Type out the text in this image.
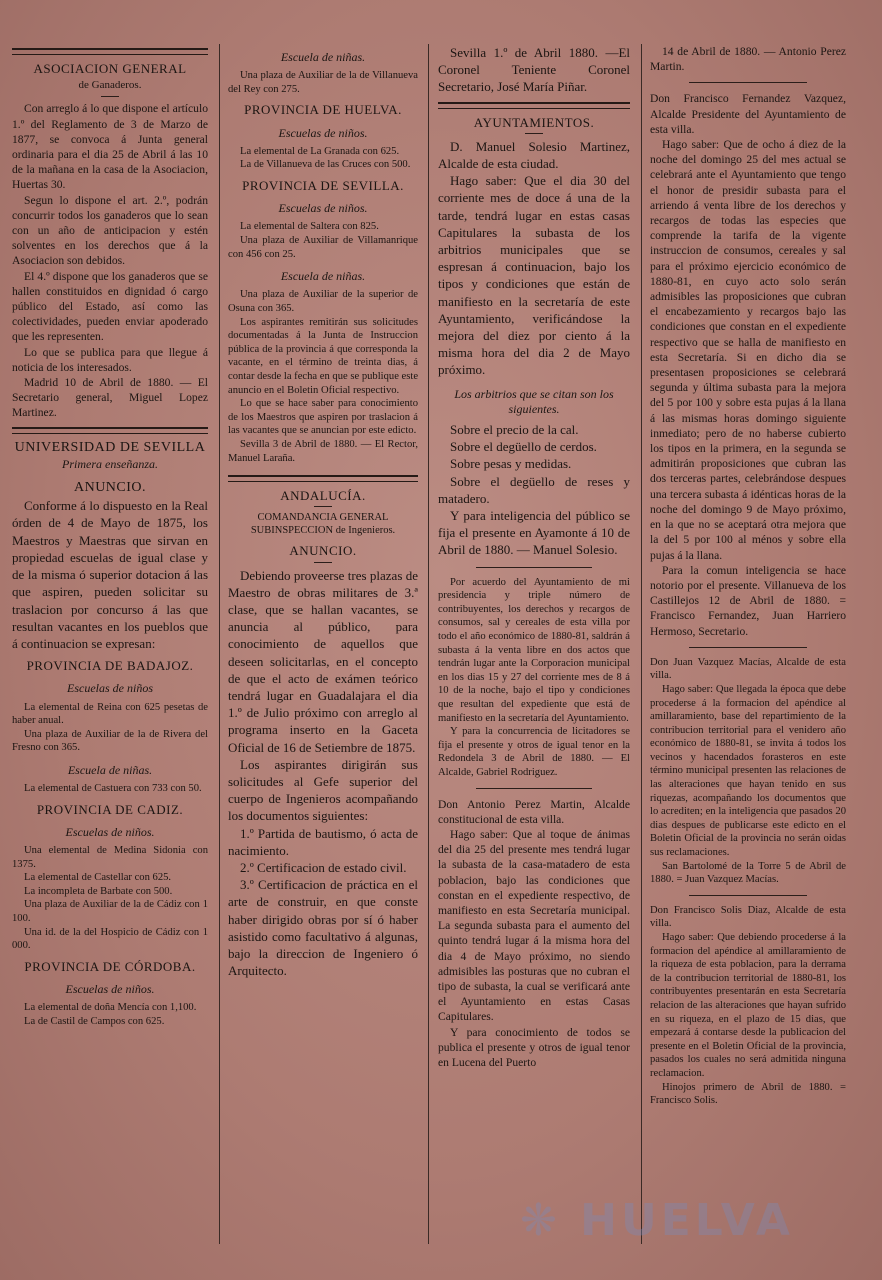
ASOCIACION GENERAL
de Ganaderos.

Con arreglo á lo que dispone el artículo 1.º del Reglamento de 3 de Marzo de 1877, se convoca á Junta general ordinaria para el dia 25 de Abril á las 10 de la mañana en la casa de la Asociacion, Huertas 30.

Segun lo dispone el art. 2.º, podrán concurrir todos los ganaderos que lo sean con un año de anticipacion y estén solventes en los derechos que á la Asociacion son debidos.

El 4.º dispone que los ganaderos que se hallen constituidos en dignidad ó cargo público del Estado, así como las colectividades, pueden enviar apoderado que les representen.

Lo que se publica para que llegue á noticia de los interesados.

Madrid 10 de Abril de 1880. — El Secretario general, Miguel Lopez Martinez.

UNIVERSIDAD DE SEVILLA
Primera enseñanza.
ANUNCIO.

Conforme á lo dispuesto en la Real órden de 4 de Mayo de 1875, los Maestros y Maestras que sirvan en propiedad escuelas de igual clase y de la misma ó superior dotacion á las que aspiren, pueden solicitar su traslacion por concurso á las que resultan vacantes en los pueblos que á continuacion se expresan:

PROVINCIA DE BADAJOZ.
Escuelas de niños

La elemental de Reina con 625 pesetas de haber anual.

Una plaza de Auxiliar de la de Rivera del Fresno con 365.

Escuela de niñas.

La elemental de Castuera con 733 con 50.

PROVINCIA DE CADIZ.
Escuelas de niños.

Una elemental de Medina Sidonia con 1375.

La elemental de Castellar con 625.

La incompleta de Barbate con 500.

Una plaza de Auxiliar de la de Cádiz con 1 100.

Una id. de la del Hospicio de Cádiz con 1 000.

PROVINCIA DE CÓRDOBA.
Escuelas de niños.

La elemental de doña Mencía con 1,100.

La de Castil de Campos con 625.

Escuela de niñas.

Una plaza de Auxiliar de la de Villanueva del Rey con 275.

PROVINCIA DE HUELVA.
Escuelas de niños.

La elemental de La Granada con 625.

La de Villanueva de las Cruces con 500.

PROVINCIA DE SEVILLA.
Escuelas de niños.

La elemental de Saltera con 825.

Una plaza de Auxiliar de Villamanrique con 456 con 25.

Escuela de niñas.

Una plaza de Auxiliar de la superior de Osuna con 365.

Los aspirantes remitirán sus solicitudes documentadas á la Junta de Instruccion pública de la provincia á que corresponda la vacante, en el término de treinta dias, á contar desde la fecha en que se publique este anuncio en el Boletin Oficial respectivo.

Lo que se hace saber para conocimiento de los Maestros que aspiren por traslacion á las vacantes que se anuncian por este edicto.

Sevilla 3 de Abril de 1880. — El Rector, Manuel Laraña.

ANDALUCÍA.
COMANDANCIA GENERAL SUBINSPECCION de Ingenieros.
ANUNCIO.

Debiendo proveerse tres plazas de Maestro de obras militares de 3.ª clase, que se hallan vacantes, se anuncia al público, para conocimiento de aquellos que deseen solicitarlas, en el concepto de que el acto de exámen teórico tendrá lugar en Guadalajara el dia 1.º de Julio próximo con arreglo al programa inserto en la Gaceta Oficial de 16 de Setiembre de 1875.

Los aspirantes dirigirán sus solicitudes al Gefe superior del cuerpo de Ingenieros acompañando los documentos siguientes:

1.º Partida de bautismo, ó acta de nacimiento.

2.º Certificacion de estado civil.

3.º Certificacion de práctica en el arte de construir, en que conste haber dirigido obras por sí ó haber asistido como facultativo á algunas, bajo la direccion de Ingeniero ó Arquitecto.

Sevilla 1.º de Abril 1880. —El Coronel Teniente Coronel Secretario, José María Piñar.

AYUNTAMIENTOS.

D. Manuel Solesio Martinez, Alcalde de esta ciudad.

Hago saber: Que el dia 30 del corriente mes de doce á una de la tarde, tendrá lugar en estas casas Capitulares la subasta de los arbitrios municipales que se espresan á continuacion, bajo los tipos y condiciones que están de manifiesto en la secretaría de este Ayuntamiento, verificándose la mejora del diez por ciento á la misma hora del dia 2 de Mayo próximo.

Los arbitrios que se citan son los siguientes.

Sobre el precio de la cal.

Sobre el degüello de cerdos.

Sobre pesas y medidas.

Sobre el degüello de reses y matadero.

Y para inteligencia del público se fija el presente en Ayamonte á 10 de Abril de 1880. — Manuel Solesio.

Por acuerdo del Ayuntamiento de mi presidencia y triple número de contribuyentes, los derechos y recargos de consumos, sal y cereales de esta villa por todo el año económico de 1880-81, saldrán á subasta á la venta libre en dos actos que tendrán lugar ante la Corporacion municipal en los dias 15 y 27 del corriente mes de 8 á 10 de la noche, bajo el tipo y condiciones que resultan del expediente que está de manifiesto en la secretaría del Ayuntamiento.

Y para la concurrencia de licitadores se fija el presente y otros de igual tenor en la Redondela 3 de Abril de 1880. — El Alcalde, Gabriel Rodriguez.

Don Antonio Perez Martin, Alcalde constitucional de esta villa.

Hago saber: Que al toque de ánimas del dia 25 del presente mes tendrá lugar la subasta de la casa-matadero de esta poblacion, bajo las condiciones que constan en el expediente respectivo, de manifiesto en esta Secretaría municipal. La segunda subasta para el aumento del quinto tendrá lugar á la misma hora del dia 4 de Mayo próximo, no siendo admisibles las posturas que no cubran el tipo de subasta, la cual se verificará ante el Ayuntamiento en estas Casas Capitulares.

Y para conocimiento de todos se publica el presente y otros de igual tenor en Lucena del Puerto

14 de Abril de 1880. — Antonio Perez Martin.

Don Francisco Fernandez Vazquez, Alcalde Presidente del Ayuntamiento de esta villa.

Hago saber: Que de ocho á diez de la noche del domingo 25 del mes actual se celebrará ante el Ayuntamiento que tengo el honor de presidir subasta para el arriendo á venta libre de los derechos y recargos de todas las especies que comprende la tarifa de la vigente instruccion de consumos, cereales y sal para el próximo ejercicio económico de 1880-81, en cuyo acto solo serán admisibles las proposiciones que cubran el encabezamiento y recargos bajo las condiciones que constan en el expediente respectivo que se halla de manifiesto en esta Secretaría. Si en dicho dia se presentasen proposiciones se celebrará segunda y última subasta para la mejora del 5 por 100 y sobre esta pujas á la llana á las mismas horas domingo siguiente inmediato; pero de no haberse cubierto los tipos en la primera, en la segunda se admitirán proposiciones que cubran las dos terceras partes, celebrándose despues una tercera subasta á idénticas horas de la noche del domingo 9 de Mayo próximo, en la que no se aceptará otra mejora que la del 5 por 100 al ménos y sobre ella pujas á la llana.

Para la comun inteligencia se hace notorio por el presente. Villanueva de los Castillejos 12 de Abril de 1880. = Francisco Fernandez, Juan Harriero Hermoso, Secretario.

Don Juan Vazquez Macías, Alcalde de esta villa.

Hago saber: Que llegada la época que debe procederse á la formacion del apéndice al amillaramiento, base del repartimiento de la contribucion territorial para el venidero año económico de 1880-81, se invita á todos los vecinos y hacendados forasteros en este término municipal presenten las relaciones de las alteraciones que hayan tenido en sus riquezas, acompañando los documentos que lo acrediten; en la inteligencia que pasados 20 dias despues de publicarse este edicto en el Boletin Oficial de la provincia no serán oidas sus reclamaciones.

San Bartolomé de la Torre 5 de Abril de 1880. = Juan Vazquez Macías.

Don Francisco Solis Diaz, Alcalde de esta villa.

Hago saber: Que debiendo procederse á la formacion del apéndice al amillaramiento de la riqueza de esta poblacion, para la derrama de la contribucion territorial de 1880-81, los contribuyentes presentarán en esta Secretaría relacion de las alteraciones que hayan sufrido en su riqueza, en el plazo de 15 dias, que empezará á contarse desde la publicacion del presente en el Boletin Oficial de la provincia, pasados los cuales no será admitida ninguna reclamacion.

Hinojos primero de Abril de 1880. = Francisco Solis.

❋ HUELVA
